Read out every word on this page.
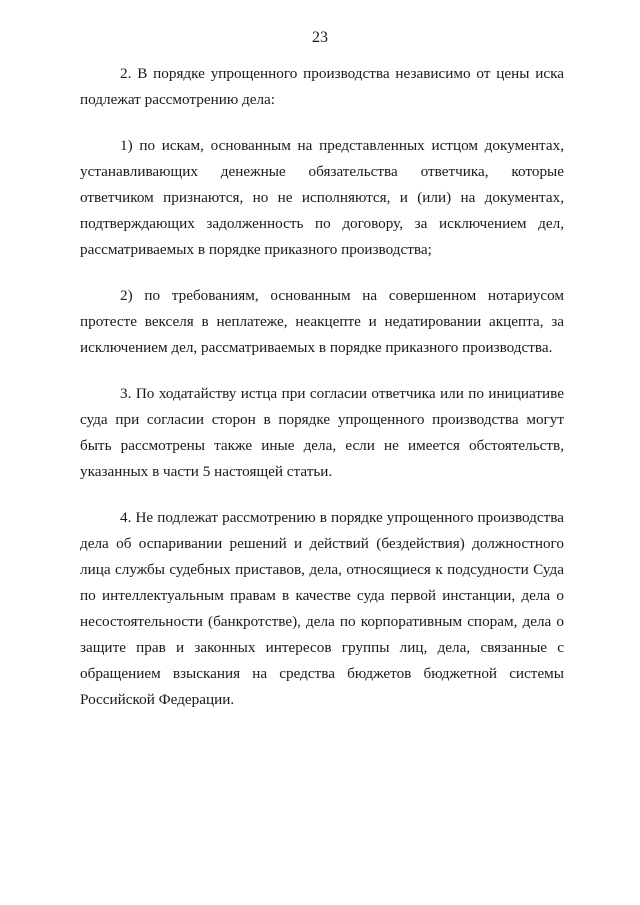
23

2. В порядке упрощенного производства независимо от цены иска подлежат рассмотрению дела:

1) по искам, основанным на представленных истцом документах, устанавливающих денежные обязательства ответчика, которые ответчиком признаются, но не исполняются, и (или) на документах, подтверждающих задолженность по договору, за исключением дел, рассматриваемых в порядке приказного производства;

2) по требованиям, основанным на совершенном нотариусом протесте векселя в неплатеже, неакцепте и недатировании акцепта, за исключением дел, рассматриваемых в порядке приказного производства.

3. По ходатайству истца при согласии ответчика или по инициативе суда при согласии сторон в порядке упрощенного производства могут быть рассмотрены также иные дела, если не имеется обстоятельств, указанных в части 5 настоящей статьи.

4. Не подлежат рассмотрению в порядке упрощенного производства дела об оспаривании решений и действий (бездействия) должностного лица службы судебных приставов, дела, относящиеся к подсудности Суда по интеллектуальным правам в качестве суда первой инстанции, дела о несостоятельности (банкротстве), дела по корпоративным спорам, дела о защите прав и законных интересов группы лиц, дела, связанные с обращением взыскания на средства бюджетов бюджетной системы Российской Федерации.
